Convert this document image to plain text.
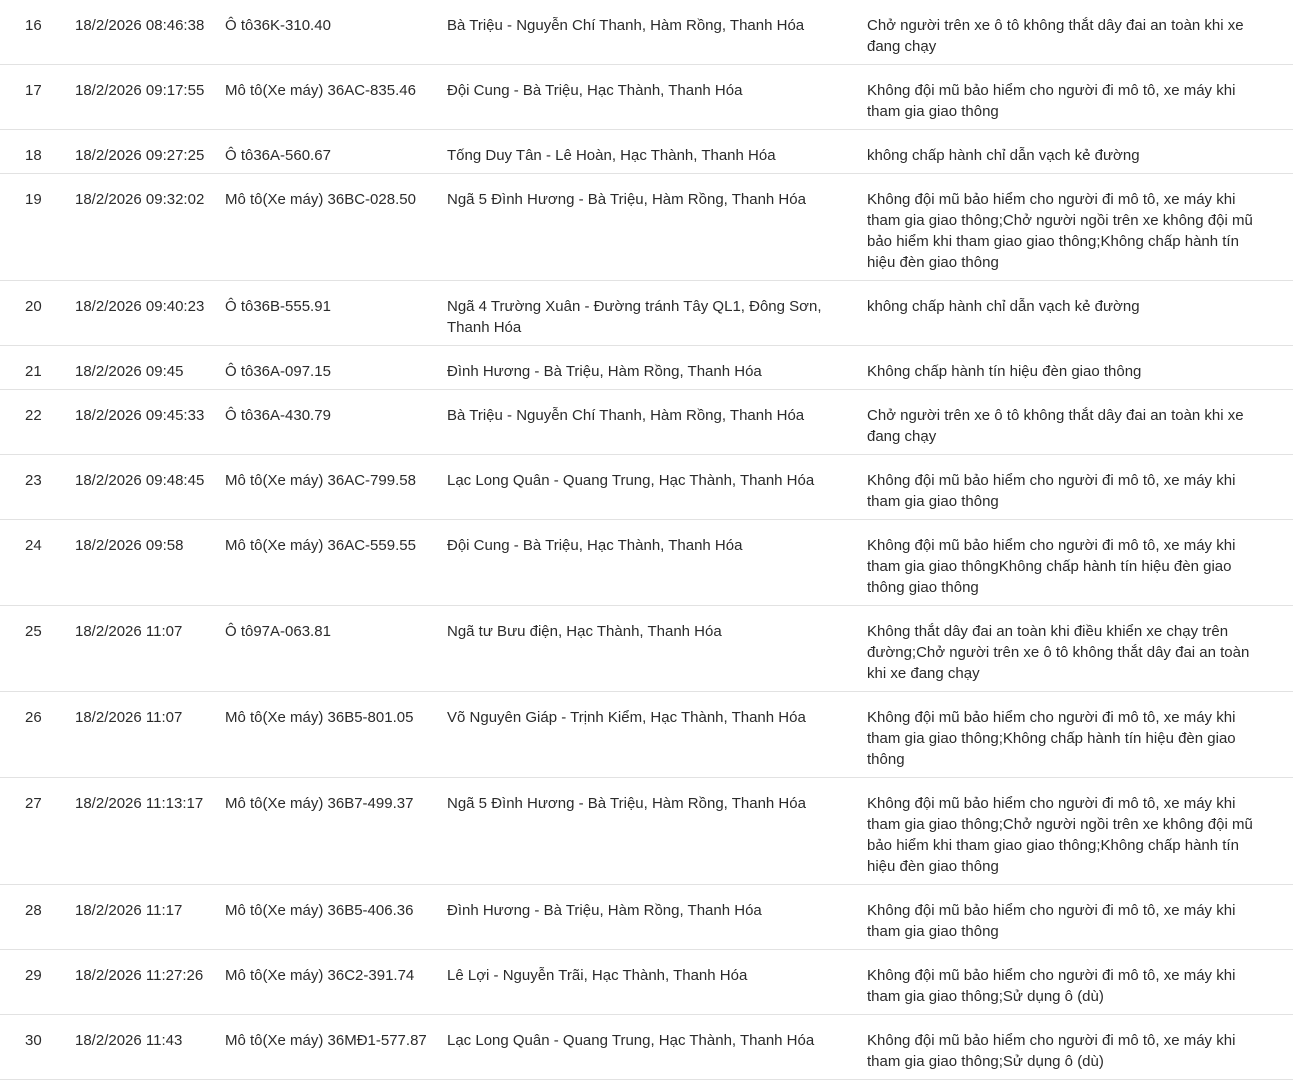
16	18/2/2026 08:46:38	Ô tô36K-310.40	Bà Triệu - Nguyễn Chí Thanh, Hàm Rồng, Thanh Hóa	Chở người trên xe ô tô không thắt dây đai an toàn khi xe đang chạy
17	18/2/2026 09:17:55	Mô tô(Xe máy) 36AC-835.46	Đội Cung - Bà Triệu, Hạc Thành, Thanh Hóa	Không đội mũ bảo hiểm cho người đi mô tô, xe máy khi tham gia giao thông
18	18/2/2026 09:27:25	Ô tô36A-560.67	Tống Duy Tân - Lê Hoàn, Hạc Thành, Thanh Hóa	không chấp hành chỉ dẫn vạch kẻ đường
19	18/2/2026 09:32:02	Mô tô(Xe máy) 36BC-028.50	Ngã 5 Đình Hương - Bà Triệu, Hàm Rồng, Thanh Hóa	Không đội mũ bảo hiểm cho người đi mô tô, xe máy khi tham gia giao thông;Chở người ngồi trên xe không đội mũ bảo hiểm khi tham giao giao thông;Không chấp hành tín hiệu đèn giao thông
20	18/2/2026 09:40:23	Ô tô36B-555.91	Ngã 4 Trường Xuân - Đường tránh Tây QL1, Đông Sơn, Thanh Hóa	không chấp hành chỉ dẫn vạch kẻ đường
21	18/2/2026 09:45	Ô tô36A-097.15	Đình Hương - Bà Triệu, Hàm Rồng, Thanh Hóa	Không chấp hành tín hiệu đèn giao thông
22	18/2/2026 09:45:33	Ô tô36A-430.79	Bà Triệu - Nguyễn Chí Thanh, Hàm Rồng, Thanh Hóa	Chở người trên xe ô tô không thắt dây đai an toàn khi xe đang chạy
23	18/2/2026 09:48:45	Mô tô(Xe máy) 36AC-799.58	Lạc Long Quân - Quang Trung, Hạc Thành, Thanh Hóa	Không đội mũ bảo hiểm cho người đi mô tô, xe máy khi tham gia giao thông
24	18/2/2026 09:58	Mô tô(Xe máy) 36AC-559.55	Đội Cung - Bà Triệu, Hạc Thành, Thanh Hóa	Không đội mũ bảo hiểm cho người đi mô tô, xe máy khi tham gia giao thôngKhông chấp hành tín hiệu đèn giao thông giao thông
25	18/2/2026 11:07	Ô tô97A-063.81	Ngã tư Bưu điện, Hạc Thành, Thanh Hóa	Không thắt dây đai an toàn khi điều khiển xe chạy trên đường;Chở người trên xe ô tô không thắt dây đai an toàn khi xe đang chạy
26	18/2/2026 11:07	Mô tô(Xe máy) 36B5-801.05	Võ Nguyên Giáp - Trịnh Kiểm, Hạc Thành, Thanh Hóa	Không đội mũ bảo hiểm cho người đi mô tô, xe máy khi tham gia giao thông;Không chấp hành tín hiệu đèn giao thông
27	18/2/2026 11:13:17	Mô tô(Xe máy) 36B7-499.37	Ngã 5 Đình Hương - Bà Triệu, Hàm Rồng, Thanh Hóa	Không đội mũ bảo hiểm cho người đi mô tô, xe máy khi tham gia giao thông;Chở người ngồi trên xe không đội mũ bảo hiểm khi tham giao giao thông;Không chấp hành tín hiệu đèn giao thông
28	18/2/2026 11:17	Mô tô(Xe máy) 36B5-406.36	Đình Hương - Bà Triệu, Hàm Rồng, Thanh Hóa	Không đội mũ bảo hiểm cho người đi mô tô, xe máy khi tham gia giao thông
29	18/2/2026 11:27:26	Mô tô(Xe máy) 36C2-391.74	Lê Lợi - Nguyễn Trãi, Hạc Thành, Thanh Hóa	Không đội mũ bảo hiểm cho người đi mô tô, xe máy khi tham gia giao thông;Sử dụng ô (dù)
30	18/2/2026 11:43	Mô tô(Xe máy) 36MĐ1-577.87	Lạc Long Quân - Quang Trung, Hạc Thành, Thanh Hóa	Không đội mũ bảo hiểm cho người đi mô tô, xe máy khi tham gia giao thông;Sử dụng ô (dù)
